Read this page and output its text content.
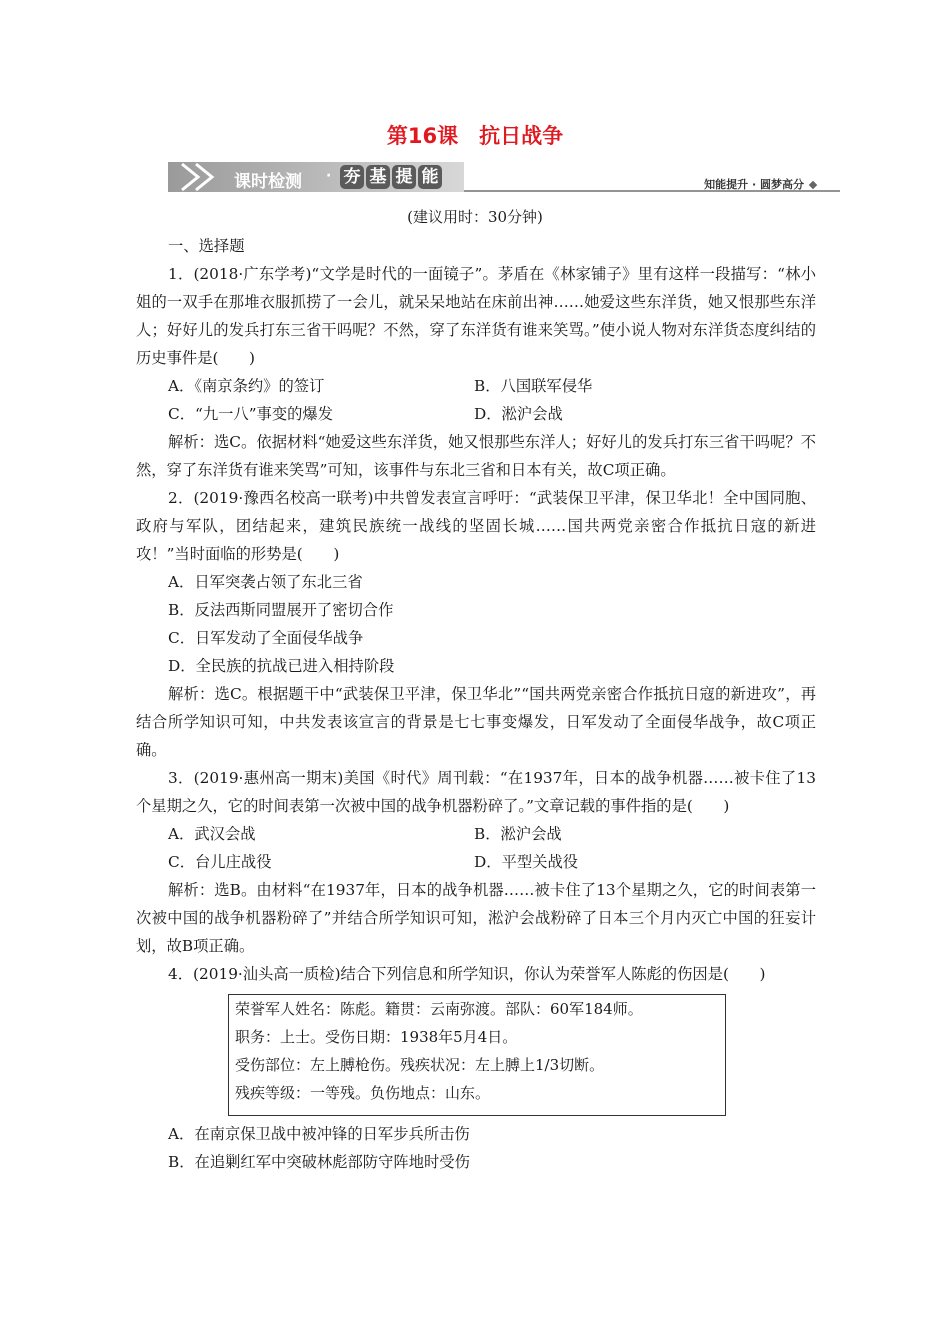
第16课　抗日战争
课时检测 · 夯 基 提 能	知能提升 · 圆梦高分
(建议用时：30分钟)

一、选择题

1．(2018·广东学考)“文学是时代的一面镜子”。茅盾在《林家铺子》里有这样一段描写：“林小姐的一双手在那堆衣服抓捞了一会儿，就呆呆地站在床前出神……她爱这些东洋货，她又恨那些东洋人；好好儿的发兵打东三省干吗呢？不然，穿了东洋货有谁来笑骂。”使小说人物对东洋货态度纠结的历史事件是(　　)

A．《南京条约》的签订	B．八国联军侵华
C．“九一八”事变的爆发	D．淞沪会战

解析：选C。依据材料“她爱这些东洋货，她又恨那些东洋人；好好儿的发兵打东三省干吗呢？不然，穿了东洋货有谁来笑骂”可知，该事件与东北三省和日本有关，故C项正确。

2．(2019·豫西名校高一联考)中共曾发表宣言呼吁：“武装保卫平津，保卫华北！全中国同胞、政府与军队，团结起来，建筑民族统一战线的坚固长城……国共两党亲密合作抵抗日寇的新进攻！”当时面临的形势是(　　)

A．日军突袭占领了东北三省

B．反法西斯同盟展开了密切合作

C．日军发动了全面侵华战争

D．全民族的抗战已进入相持阶段

解析：选C。根据题干中“武装保卫平津，保卫华北”“国共两党亲密合作抵抗日寇的新进攻”，再结合所学知识可知，中共发表该宣言的背景是七七事变爆发，日军发动了全面侵华战争，故C项正确。

3．(2019·惠州高一期末)美国《时代》周刊载：“在1937年，日本的战争机器……被卡住了13个星期之久，它的时间表第一次被中国的战争机器粉碎了。”文章记载的事件指的是(　　)

A．武汉会战	B．淞沪会战
C．台儿庄战役	D．平型关战役

解析：选B。由材料“在1937年，日本的战争机器……被卡住了13个星期之久，它的时间表第一次被中国的战争机器粉碎了”并结合所学知识可知，淞沪会战粉碎了日本三个月内灭亡中国的狂妄计划，故B项正确。

4．(2019·汕头高一质检)结合下列信息和所学知识，你认为荣誉军人陈彪的伤因是(　　)

荣誉军人姓名：陈彪。籍贯：云南弥渡。部队：60军184师。
职务：上士。受伤日期：1938年5月4日。
受伤部位：左上膊枪伤。残疾状况：左上膊上1/3切断。
残疾等级：一等残。负伤地点：山东。

A．在南京保卫战中被冲锋的日军步兵所击伤

B．在追剿红军中突破林彪部防守阵地时受伤
